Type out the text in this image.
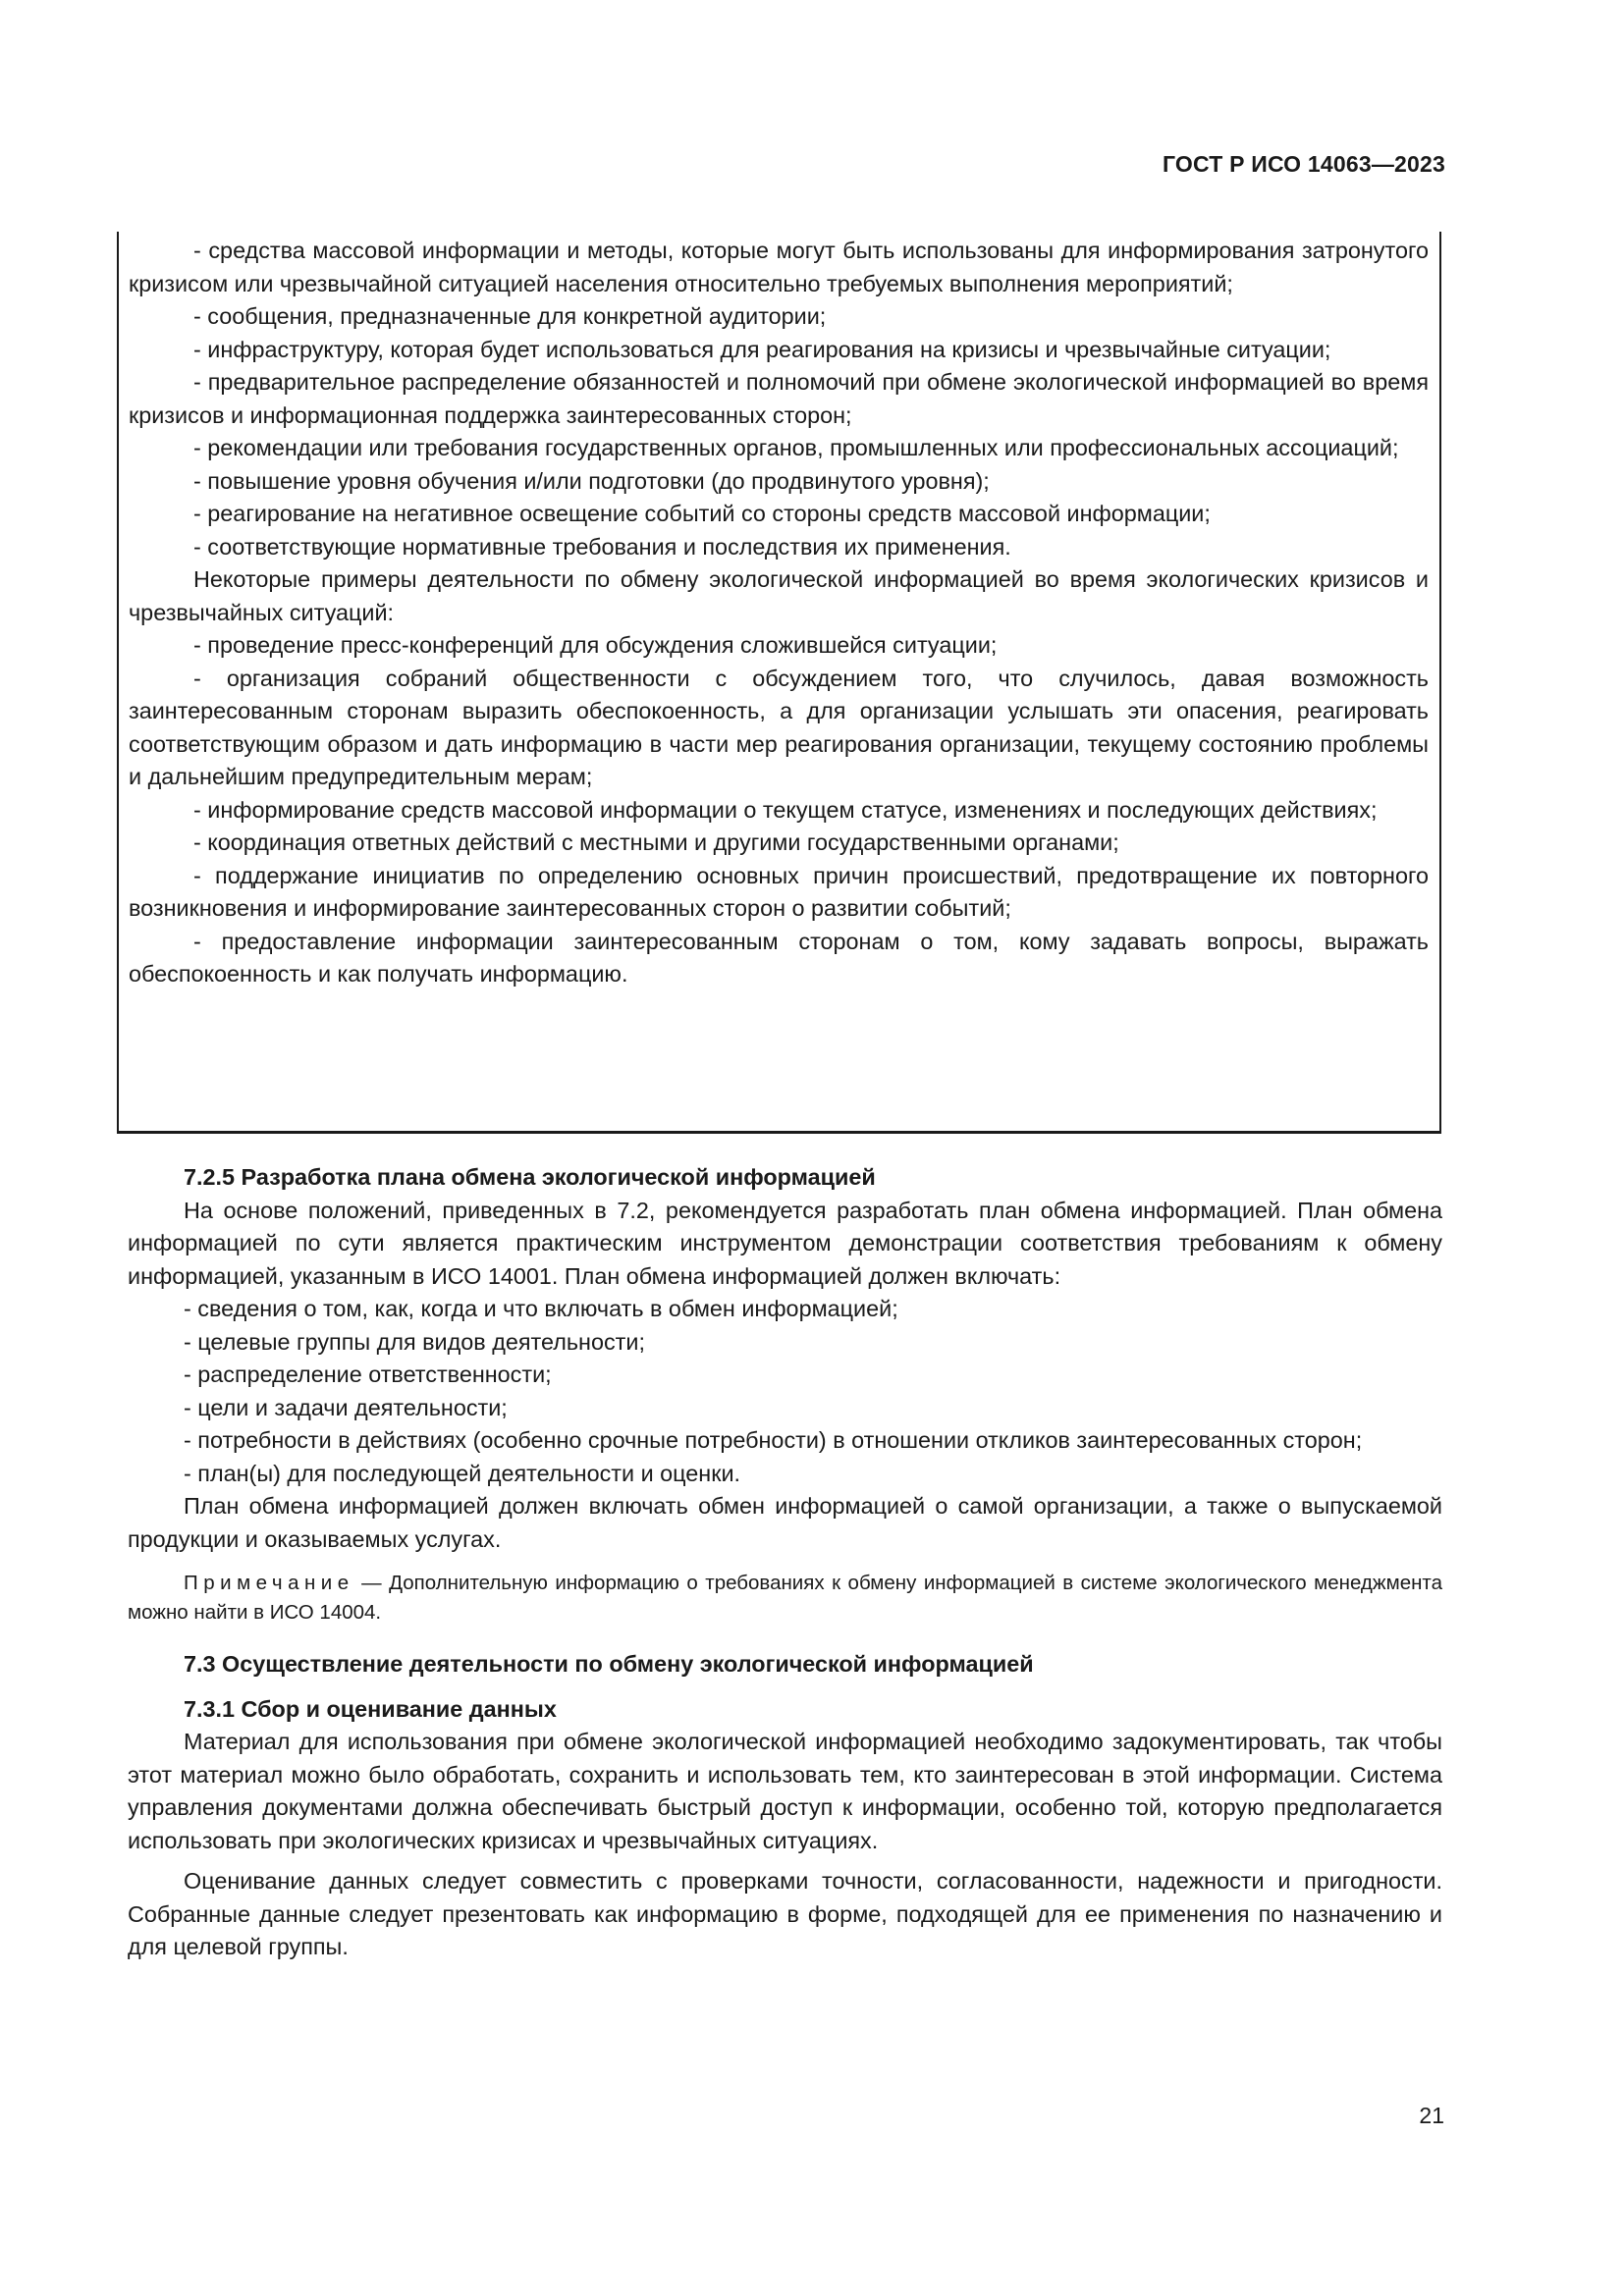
ГОСТ Р ИСО 14063—2023

- средства массовой информации и методы, которые могут быть использованы для информирования затронутого кризисом или чрезвычайной ситуацией населения относительно требуемых выполнения мероприятий;

- сообщения, предназначенные для конкретной аудитории;

- инфраструктуру, которая будет использоваться для реагирования на кризисы и чрезвычайные ситуации;

- предварительное распределение обязанностей и полномочий при обмене экологической информацией во время кризисов и информационная поддержка заинтересованных сторон;

- рекомендации или требования государственных органов, промышленных или профессиональных ассоциаций;

- повышение уровня обучения и/или подготовки (до продвинутого уровня);

- реагирование на негативное освещение событий со стороны средств массовой информации;

- соответствующие нормативные требования и последствия их применения.

Некоторые примеры деятельности по обмену экологической информацией во время экологических кризисов и чрезвычайных ситуаций:

- проведение пресс-конференций для обсуждения сложившейся ситуации;

- организация собраний общественности с обсуждением того, что случилось, давая возможность заинтересованным сторонам выразить обеспокоенность, а для организации услышать эти опасения, реагировать соответствующим образом и дать информацию в части мер реагирования организации, текущему состоянию проблемы и дальнейшим предупредительным мерам;

- информирование средств массовой информации о текущем статусе, изменениях и последующих действиях;

- координация ответных действий с местными и другими государственными органами;

- поддержание инициатив по определению основных причин происшествий, предотвращение их повторного возникновения и информирование заинтересованных сторон о развитии событий;

- предоставление информации заинтересованным сторонам о том, кому задавать вопросы, выражать обеспокоенность и как получать информацию.

7.2.5 Разработка плана обмена экологической информацией

На основе положений, приведенных в 7.2, рекомендуется разработать план обмена информацией. План обмена информацией по сути является практическим инструментом демонстрации соответствия требованиям к обмену информацией, указанным в ИСО 14001. План обмена информацией должен включать:

- сведения о том, как, когда и что включать в обмен информацией;

- целевые группы для видов деятельности;

- распределение ответственности;

- цели и задачи деятельности;

- потребности в действиях (особенно срочные потребности) в отношении откликов заинтересованных сторон;

- план(ы) для последующей деятельности и оценки.

План обмена информацией должен включать обмен информацией о самой организации, а также о выпускаемой продукции и оказываемых услугах.

Примечание — Дополнительную информацию о требованиях к обмену информацией в системе экологического менеджмента можно найти в ИСО 14004.
7.3 Осуществление деятельности по обмену экологической информацией
7.3.1 Сбор и оценивание данных

Материал для использования при обмене экологической информацией необходимо задокументировать, так чтобы этот материал можно было обработать, сохранить и использовать тем, кто заинтересован в этой информации. Система управления документами должна обеспечивать быстрый доступ к информации, особенно той, которую предполагается использовать при экологических кризисах и чрезвычайных ситуациях.

Оценивание данных следует совместить с проверками точности, согласованности, надежности и пригодности. Собранные данные следует презентовать как информацию в форме, подходящей для ее применения по назначению и для целевой группы.

21
